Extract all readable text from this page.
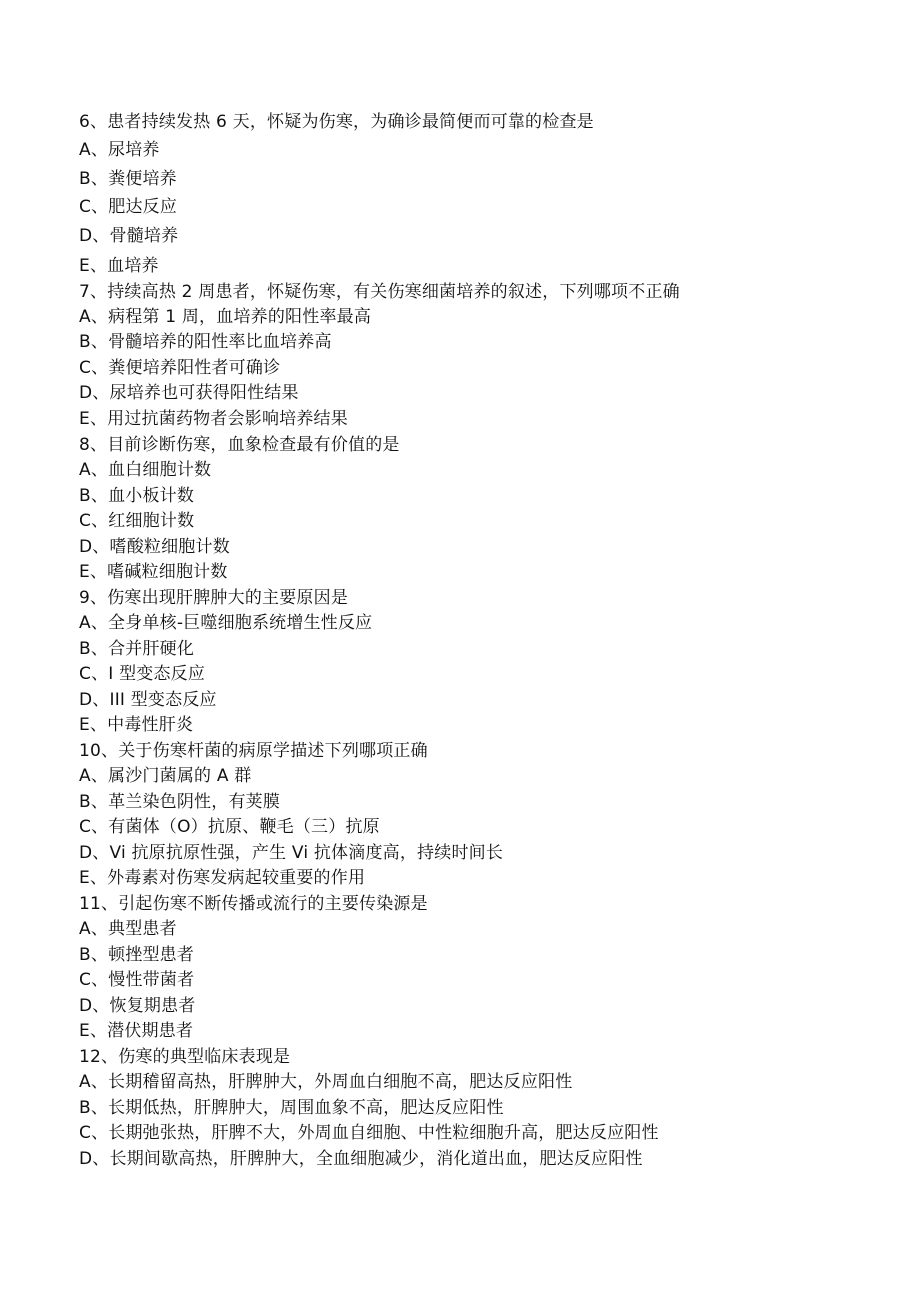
6、患者持续发热 6 天，怀疑为伤寒，为确诊最简便而可靠的检查是
A、尿培养
B、粪便培养
C、肥达反应
D、骨髓培养
E、血培养
7、持续高热 2 周患者，怀疑伤寒，有关伤寒细菌培养的叙述，下列哪项不正确
A、病程第 1 周，血培养的阳性率最高
B、骨髓培养的阳性率比血培养高
C、粪便培养阳性者可确诊
D、尿培养也可获得阳性结果
E、用过抗菌药物者会影响培养结果
8、目前诊断伤寒，血象检查最有价值的是
A、血白细胞计数
B、血小板计数
C、红细胞计数
D、嗜酸粒细胞计数
E、嗜碱粒细胞计数
9、伤寒出现肝脾肿大的主要原因是
A、全身单核-巨噬细胞系统增生性反应
B、合并肝硬化
C、I 型变态反应
D、III 型变态反应
E、中毒性肝炎
10、关于伤寒杆菌的病原学描述下列哪项正确
A、属沙门菌属的 A 群
B、革兰染色阴性，有荚膜
C、有菌体（O）抗原、鞭毛（三）抗原
D、Vi 抗原抗原性强，产生 Vi 抗体滴度高，持续时间长
E、外毒素对伤寒发病起较重要的作用
11、引起伤寒不断传播或流行的主要传染源是
A、典型患者
B、顿挫型患者
C、慢性带菌者
D、恢复期患者
E、潜伏期患者
12、伤寒的典型临床表现是
A、长期稽留高热，肝脾肿大，外周血白细胞不高，肥达反应阳性
B、长期低热，肝脾肿大，周围血象不高，肥达反应阳性
C、长期弛张热，肝脾不大，外周血自细胞、中性粒细胞升高，肥达反应阳性
D、长期间歇高热，肝脾肿大，全血细胞减少，消化道出血，肥达反应阳性
